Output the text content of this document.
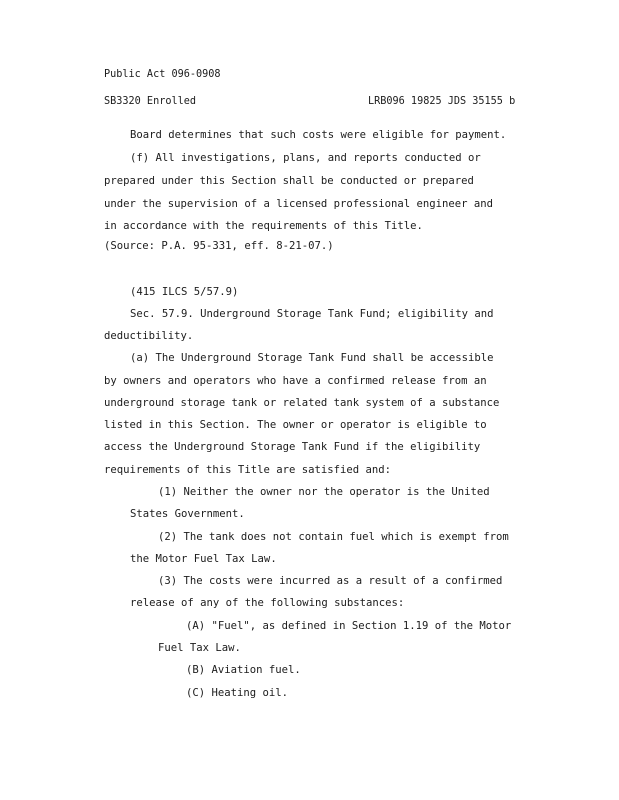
Public Act 096-0908
SB3320 Enrolled	LRB096 19825 JDS 35155 b
Board determines that such costs were eligible for payment.
(f) All investigations, plans, and reports conducted or
prepared under this Section shall be conducted or prepared
under the supervision of a licensed professional engineer and
in accordance with the requirements of this Title.
(Source: P.A. 95-331, eff. 8-21-07.)
(415 ILCS 5/57.9)
Sec. 57.9. Underground Storage Tank Fund; eligibility and
deductibility.
(a) The Underground Storage Tank Fund shall be accessible
by owners and operators who have a confirmed release from an
underground storage tank or related tank system of a substance
listed in this Section. The owner or operator is eligible to
access the Underground Storage Tank Fund if the eligibility
requirements of this Title are satisfied and:
(1) Neither the owner nor the operator is the United
States Government.
(2) The tank does not contain fuel which is exempt from
the Motor Fuel Tax Law.
(3) The costs were incurred as a result of a confirmed
release of any of the following substances:
(A) "Fuel", as defined in Section 1.19 of the Motor
Fuel Tax Law.
(B) Aviation fuel.
(C) Heating oil.
